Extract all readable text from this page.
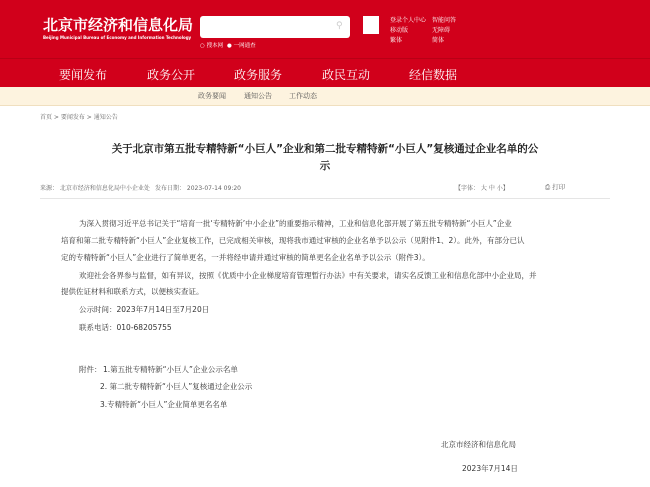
北京市经济和信息化局
Beijing Municipal Bureau of Economy and Information Technology
⚲
○ 搜本网 ● 一网通查
登录个人中心 智能问答
移动版	无障碍
繁体	简体
要闻发布	政务公开	政务服务	政民互动	经信数据
政务要闻	通知公告 工作动态
首页 > 要闻发布 > 通知公告
关于北京市第五批专精特新“小巨人”企业和第二批专精特新“小巨人”复核通过企业名单的公
示
来源： 北京市经济和信息化局中小企业处 发布日期： 2023-07-14 09:20	【字体： 大 中 小】	⎙ 打印
为深入贯彻习近平总书记关于“培育一批‘专精特新’中小企业”的重要指示精神，工业和信息化部开展了第五批专精特新“小巨人”企业
培育和第二批专精特新“小巨人”企业复核工作，已完成相关审核，现将我市通过审核的企业名单予以公示（见附件1、2）。此外，有部分已认
定的专精特新“小巨人”企业进行了简单更名，一并将经申请并通过审核的简单更名企业名单予以公示（附件3）。
欢迎社会各界参与监督，如有异议，按照《优质中小企业梯度培育管理暂行办法》中有关要求，请实名反馈工业和信息化部中小企业局，并
提供佐证材料和联系方式，以便核实查证。
公示时间：2023年7月14日至7月20日
联系电话：010-68205755
附件： 1.第五批专精特新“小巨人”企业公示名单
2. 第二批专精特新“小巨人”复核通过企业公示
3.专精特新“小巨人”企业简单更名名单
北京市经济和信息化局
2023年7月14日
